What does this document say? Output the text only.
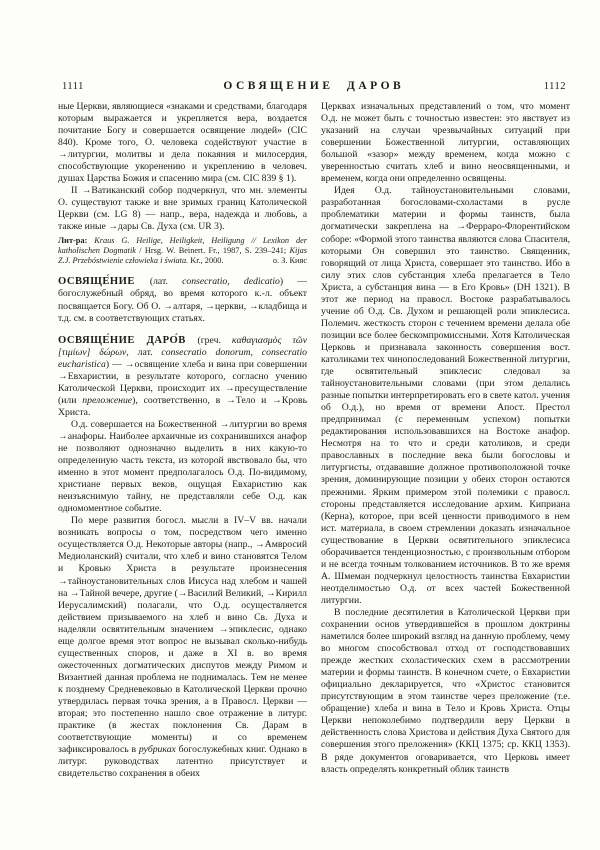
1111	ОСВЯЩЕНИЕ ДАРОВ	1112

ные Церкви, являющиеся «знаками и средствами, благодаря которым выражается и укрепляется вера, воздается почитание Богу и совершается освящение людей» (CIC 840). Кроме того, О. человека содействуют участие в →литургии, молитвы и дела покаяния и милосердия, способствующие укоренению и укреплению в человеч. душах Царства Божия и спасению мира (см. CIC 839 § 1).

II →Ватиканский собор подчеркнул, что мн. элементы О. существуют также и вне зримых границ Католической Церкви (см. LG 8) — напр., вера, надежда и любовь, а также иные →дары Св. Духа (см. UR 3).

Лит-ра: Kraus G. Heilige, Heiligkeit, Heiligung // Lexikon der katholischen Dogmatik / Hrsg. W. Beinert. Fr., 1987, S. 239–241; Kijas Z.J. Przebóstwienie człowieka i świata. Kr., 2000.	о. З. Кияс

ОСВЯЩЕ́НИЕ (лат. consecratio, dedicatio) — богослужебный обряд, во время которого к.-л. объект посвящается Богу. Об О. →алтаря, →церкви, →кладбища и т.д. см. в соответствующих статьях.

ОСВЯЩЕ́НИЕ ДАРО́В (греч. καθαγιασμὸς τῶν [τιμίων] δώρων, лат. consecratio donorum, consecratio eucharistica) — →освящение хлеба и вина при совершении →Евхаристии, в результате которого, согласно учению Католической Церкви, происходит их →пресуществление (или преложение), соответственно, в →Тело и →Кровь Христа.

О.д. совершается на Божественной →литургии во время →анафоры. Наиболее архаичные из сохранившихся анафор не позволяют однозначно выделить в них какую-то определенную часть текста, из которой явствовало бы, что именно в этот момент предполагалось О.д. По-видимому, христиане первых веков, ощущая Евхаристию как неизъяснимую тайну, не представляли себе О.д. как одномоментное событие.

По мере развития богосл. мысли в IV–V вв. начали возникать вопросы о том, посредством чего именно осуществляется О.д. Некоторые авторы (напр., →Амвросий Медиоланский) считали, что хлеб и вино становятся Телом и Кровью Христа в результате произнесения →тайноустановительных слов Иисуса над хлебом и чашей на →Тайной вечере, другие (→Василий Великий, →Кирилл Иерусалимский) полагали, что О.д. осуществляется действием призываемого на хлеб и вино Св. Духа и наделяли освятительным значением →эпиклесис, однако еще долгое время этот вопрос не вызывал сколько-нибудь существенных споров, и даже в XI в. во время ожесточенных догматических диспутов между Римом и Византией данная проблема не поднималась. Тем не менее к позднему Средневековью в Католической Церкви прочно утвердилась первая точка зрения, а в Правосл. Церкви — вторая; это постепенно нашло свое отражение в литург. практике (в жестах поклонения Св. Дарам в соответствующие моменты) и со временем зафиксировалось в рубриках богослужебных книг. Однако в литург. руководствах латентно присутствует и свидетельство сохранения в обеих

Церквах изначальных представлений о том, что момент О.д. не может быть с точностью известен: это явствует из указаний на случаи чрезвычайных ситуаций при совершении Божественной литургии, оставляющих большой «зазор» между временем, когда можно с уверенностью считать хлеб и вино неосвященными, и временем, когда они определенно освящены.

Идея О.д. тайноустановительными словами, разработанная богословами-схоластами в русле проблематики материи и формы таинств, была догматически закреплена на →Ферраро-Флорентийском соборе: «Формой этого таинства являются слова Спасителя, которыми Он совершил это таинство. Священник, говорящий от лица Христа, совершает это таинство. Ибо в силу этих слов субстанция хлеба прелагается в Тело Христа, а субстанция вина — в Его Кровь» (DH 1321). В этот же период на правосл. Востоке разрабатывалось учение об О.д. Св. Духом и решающей роли эпиклесиса. Полемич. жесткость сторон с течением времени делала обе позиции все более бескомпромиссными. Хотя Католическая Церковь и признавала законность совершения вост. католиками тех чинопоследований Божественной литургии, где освятительный эпиклесис следовал за тайноустановительными словами (при этом делались разные попытки интерпретировать его в свете катол. учения об О.д.), но время от времени Апост. Престол предпринимал (с переменным успехом) попытки редактирования использовавшихся на Востоке анафор. Несмотря на то что и среди католиков, и среди православных в последние века были богословы и литургисты, отдававшие должное противоположной точке зрения, доминирующие позиции у обеих сторон остаются прежними. Ярким примером этой полемики с правосл. стороны представляется исследование архим. Киприана (Керна), которое, при всей ценности приводимого в нем ист. материала, в своем стремлении доказать изначальное существование в Церкви освятительного эпиклесиса оборачивается тенденциозностью, с произвольным отбором и не всегда точным толкованием источников. В то же время А. Шмеман подчеркнул целостность таинства Евхаристии неотделимостью О.д. от всех частей Божественной литургии.

В последние десятилетия в Католической Церкви при сохранении основ утвердившейся в прошлом доктрины наметился более широкий взгляд на данную проблему, чему во многом способствовал отход от господствовавших прежде жестких схоластических схем в рассмотрении материи и формы таинств. В конечном счете, о Евхаристии официально декларируется, что «Христос становится присутствующим в этом таинстве через преложение (т.е. обращение) хлеба и вина в Тело и Кровь Христа. Отцы Церкви непоколебимо подтвердили веру Церкви в действенность слова Христова и действия Духа Святого для совершения этого преложения» (ККЦ 1375; ср. ККЦ 1353). В ряде документов оговаривается, что Церковь имеет власть определять конкретный облик таинств
